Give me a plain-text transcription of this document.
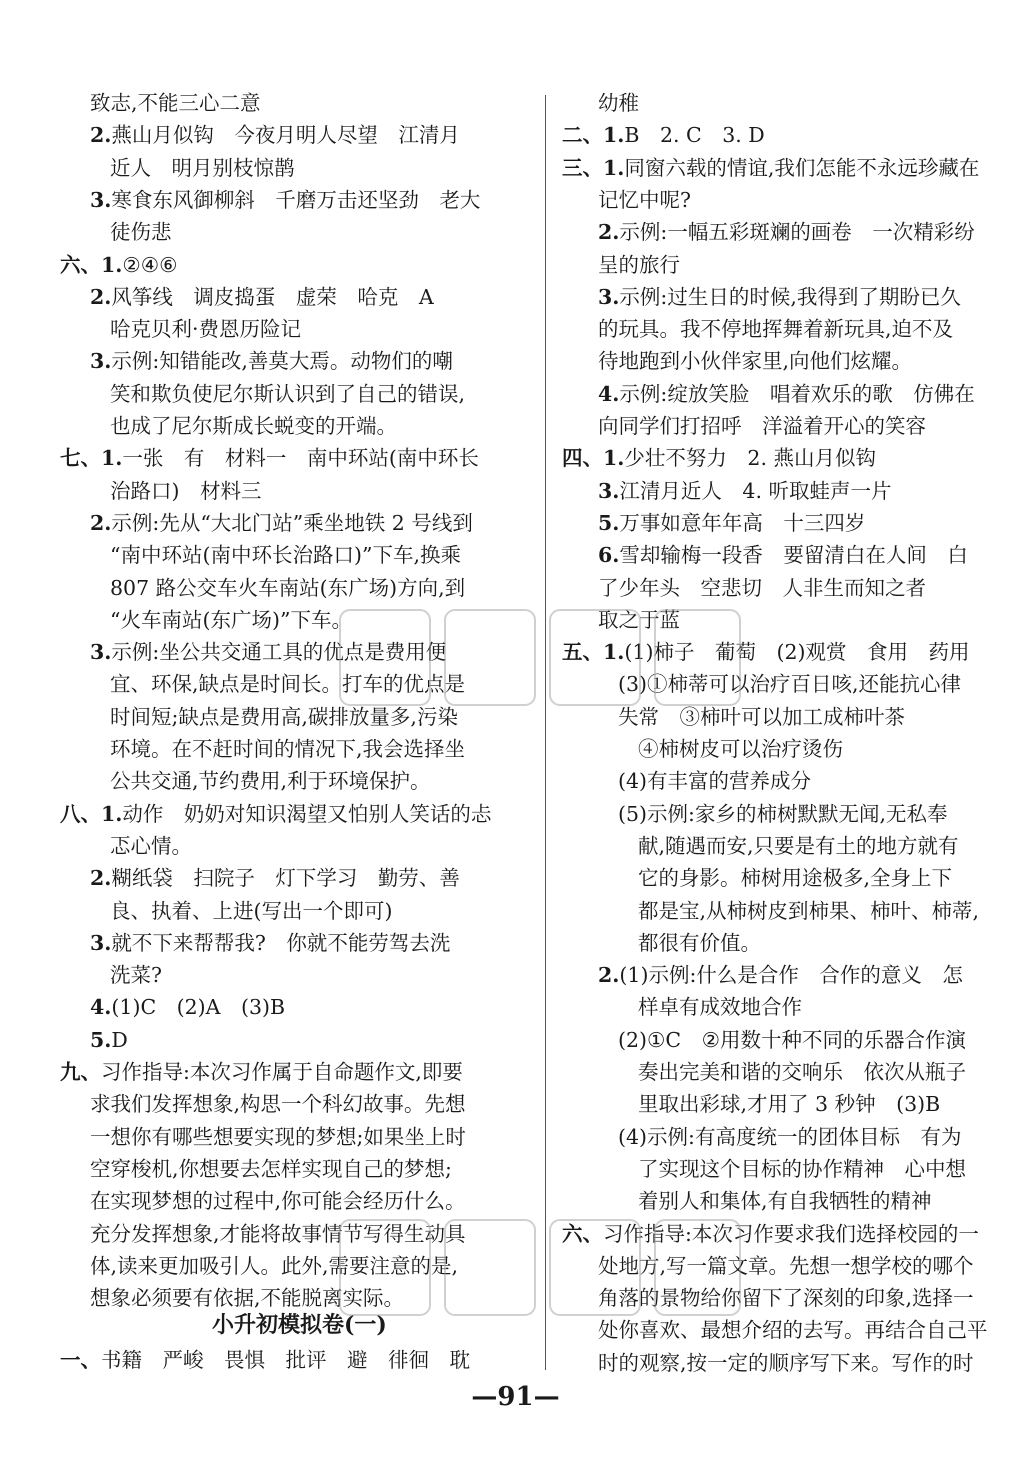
致志,不能三心二意
2.燕山月似钩　今夜月明人尽望　江清月
近人　明月别枝惊鹊
3.寒食东风御柳斜　千磨万击还坚劲　老大
徒伤悲
六、1.②④⑥
2.风筝线　调皮捣蛋　虚荣　哈克　A
哈克贝利·费恩历险记
3.示例:知错能改,善莫大焉。动物们的嘲
笑和欺负使尼尔斯认识到了自己的错误,
也成了尼尔斯成长蜕变的开端。
七、1.一张　有　材料一　南中环站(南中环长
治路口)　材料三
2.示例:先从“大北门站”乘坐地铁 2 号线到
“南中环站(南中环长治路口)”下车,换乘
807 路公交车火车南站(东广场)方向,到
“火车南站(东广场)”下车。
3.示例:坐公共交通工具的优点是费用便
宜、环保,缺点是时间长。打车的优点是
时间短;缺点是费用高,碳排放量多,污染
环境。在不赶时间的情况下,我会选择坐
公共交通,节约费用,利于环境保护。
八、1.动作　奶奶对知识渴望又怕别人笑话的忐
忑心情。
2.糊纸袋　扫院子　灯下学习　勤劳、善
良、执着、上进(写出一个即可)
3.就不下来帮帮我?　你就不能劳驾去洗
洗菜?
4.(1)C　(2)A　(3)B
5.D
九、习作指导:本次习作属于自命题作文,即要
求我们发挥想象,构思一个科幻故事。先想
一想你有哪些想要实现的梦想;如果坐上时
空穿梭机,你想要去怎样实现自己的梦想;
在实现梦想的过程中,你可能会经历什么。
充分发挥想象,才能将故事情节写得生动具
体,读来更加吸引人。此外,需要注意的是,
想象必须要有依据,不能脱离实际。
小升初模拟卷(一)
一、书籍　严峻　畏惧　批评　避　徘徊　耽
幼稚
二、1.B　2. C　3. D
三、1.同窗六载的情谊,我们怎能不永远珍藏在
记忆中呢?
2.示例:一幅五彩斑斓的画卷　一次精彩纷
呈的旅行
3.示例:过生日的时候,我得到了期盼已久
的玩具。我不停地挥舞着新玩具,迫不及
待地跑到小伙伴家里,向他们炫耀。
4.示例:绽放笑脸　唱着欢乐的歌　仿佛在
向同学们打招呼　洋溢着开心的笑容
四、1.少壮不努力　2. 燕山月似钩
3.江清月近人　4. 听取蛙声一片
5.万事如意年年高　十三四岁
6.雪却输梅一段香　要留清白在人间　白
了少年头　空悲切　人非生而知之者
取之于蓝
五、1.(1)柿子　葡萄　(2)观赏　食用　药用
(3)①柿蒂可以治疗百日咳,还能抗心律
失常　③柿叶可以加工成柿叶茶
④柿树皮可以治疗烫伤
(4)有丰富的营养成分
(5)示例:家乡的柿树默默无闻,无私奉
献,随遇而安,只要是有土的地方就有
它的身影。柿树用途极多,全身上下
都是宝,从柿树皮到柿果、柿叶、柿蒂,
都很有价值。
2.(1)示例:什么是合作　合作的意义　怎
样卓有成效地合作
(2)①C　②用数十种不同的乐器合作演
奏出完美和谐的交响乐　依次从瓶子
里取出彩球,才用了 3 秒钟　(3)B
(4)示例:有高度统一的团体目标　有为
了实现这个目标的协作精神　心中想
着别人和集体,有自我牺牲的精神
六、习作指导:本次习作要求我们选择校园的一
处地方,写一篇文章。先想一想学校的哪个
角落的景物给你留下了深刻的印象,选择一
处你喜欢、最想介绍的去写。再结合自己平
时的观察,按一定的顺序写下来。写作的时
—91—
